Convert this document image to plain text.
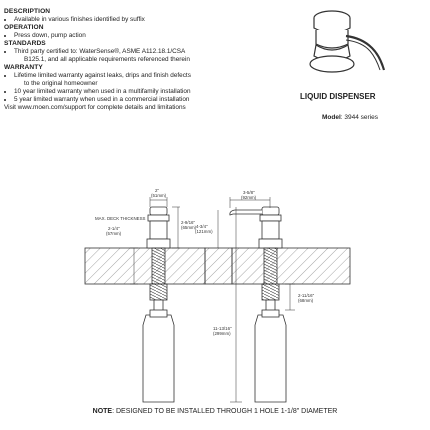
DESCRIPTION
• Available in various finishes identified by suffix
OPERATION
• Press down, pump action
STANDARDS
• Third party certified to: WaterSense®, ASME A112.18.1/CSA
B125.1, and all applicable requirements referenced therein
WARRANTY
• Lifetime limited warranty against leaks, drips and finish defects
to the original homeowner
• 10 year limited warranty when used in a multifamily installation
• 5 year limited warranty when used in a commercial installation
Visit www.moen.com/support for complete details and limitations
LIQUID DISPENSER
Model: 3944 series
2"
(51mm)
2-9/16"
(65mm)
MAX. DECK THICKNESS
2-1/4"
(57mm)
3-5/8"
(92mm)
4-3/4"
(121mm)
11-13/16"
(299mm)
2-11/16"
(68mm)
NOTE: DESIGNED TO BE INSTALLED THROUGH 1 HOLE 1-1/8" DIAMETER
